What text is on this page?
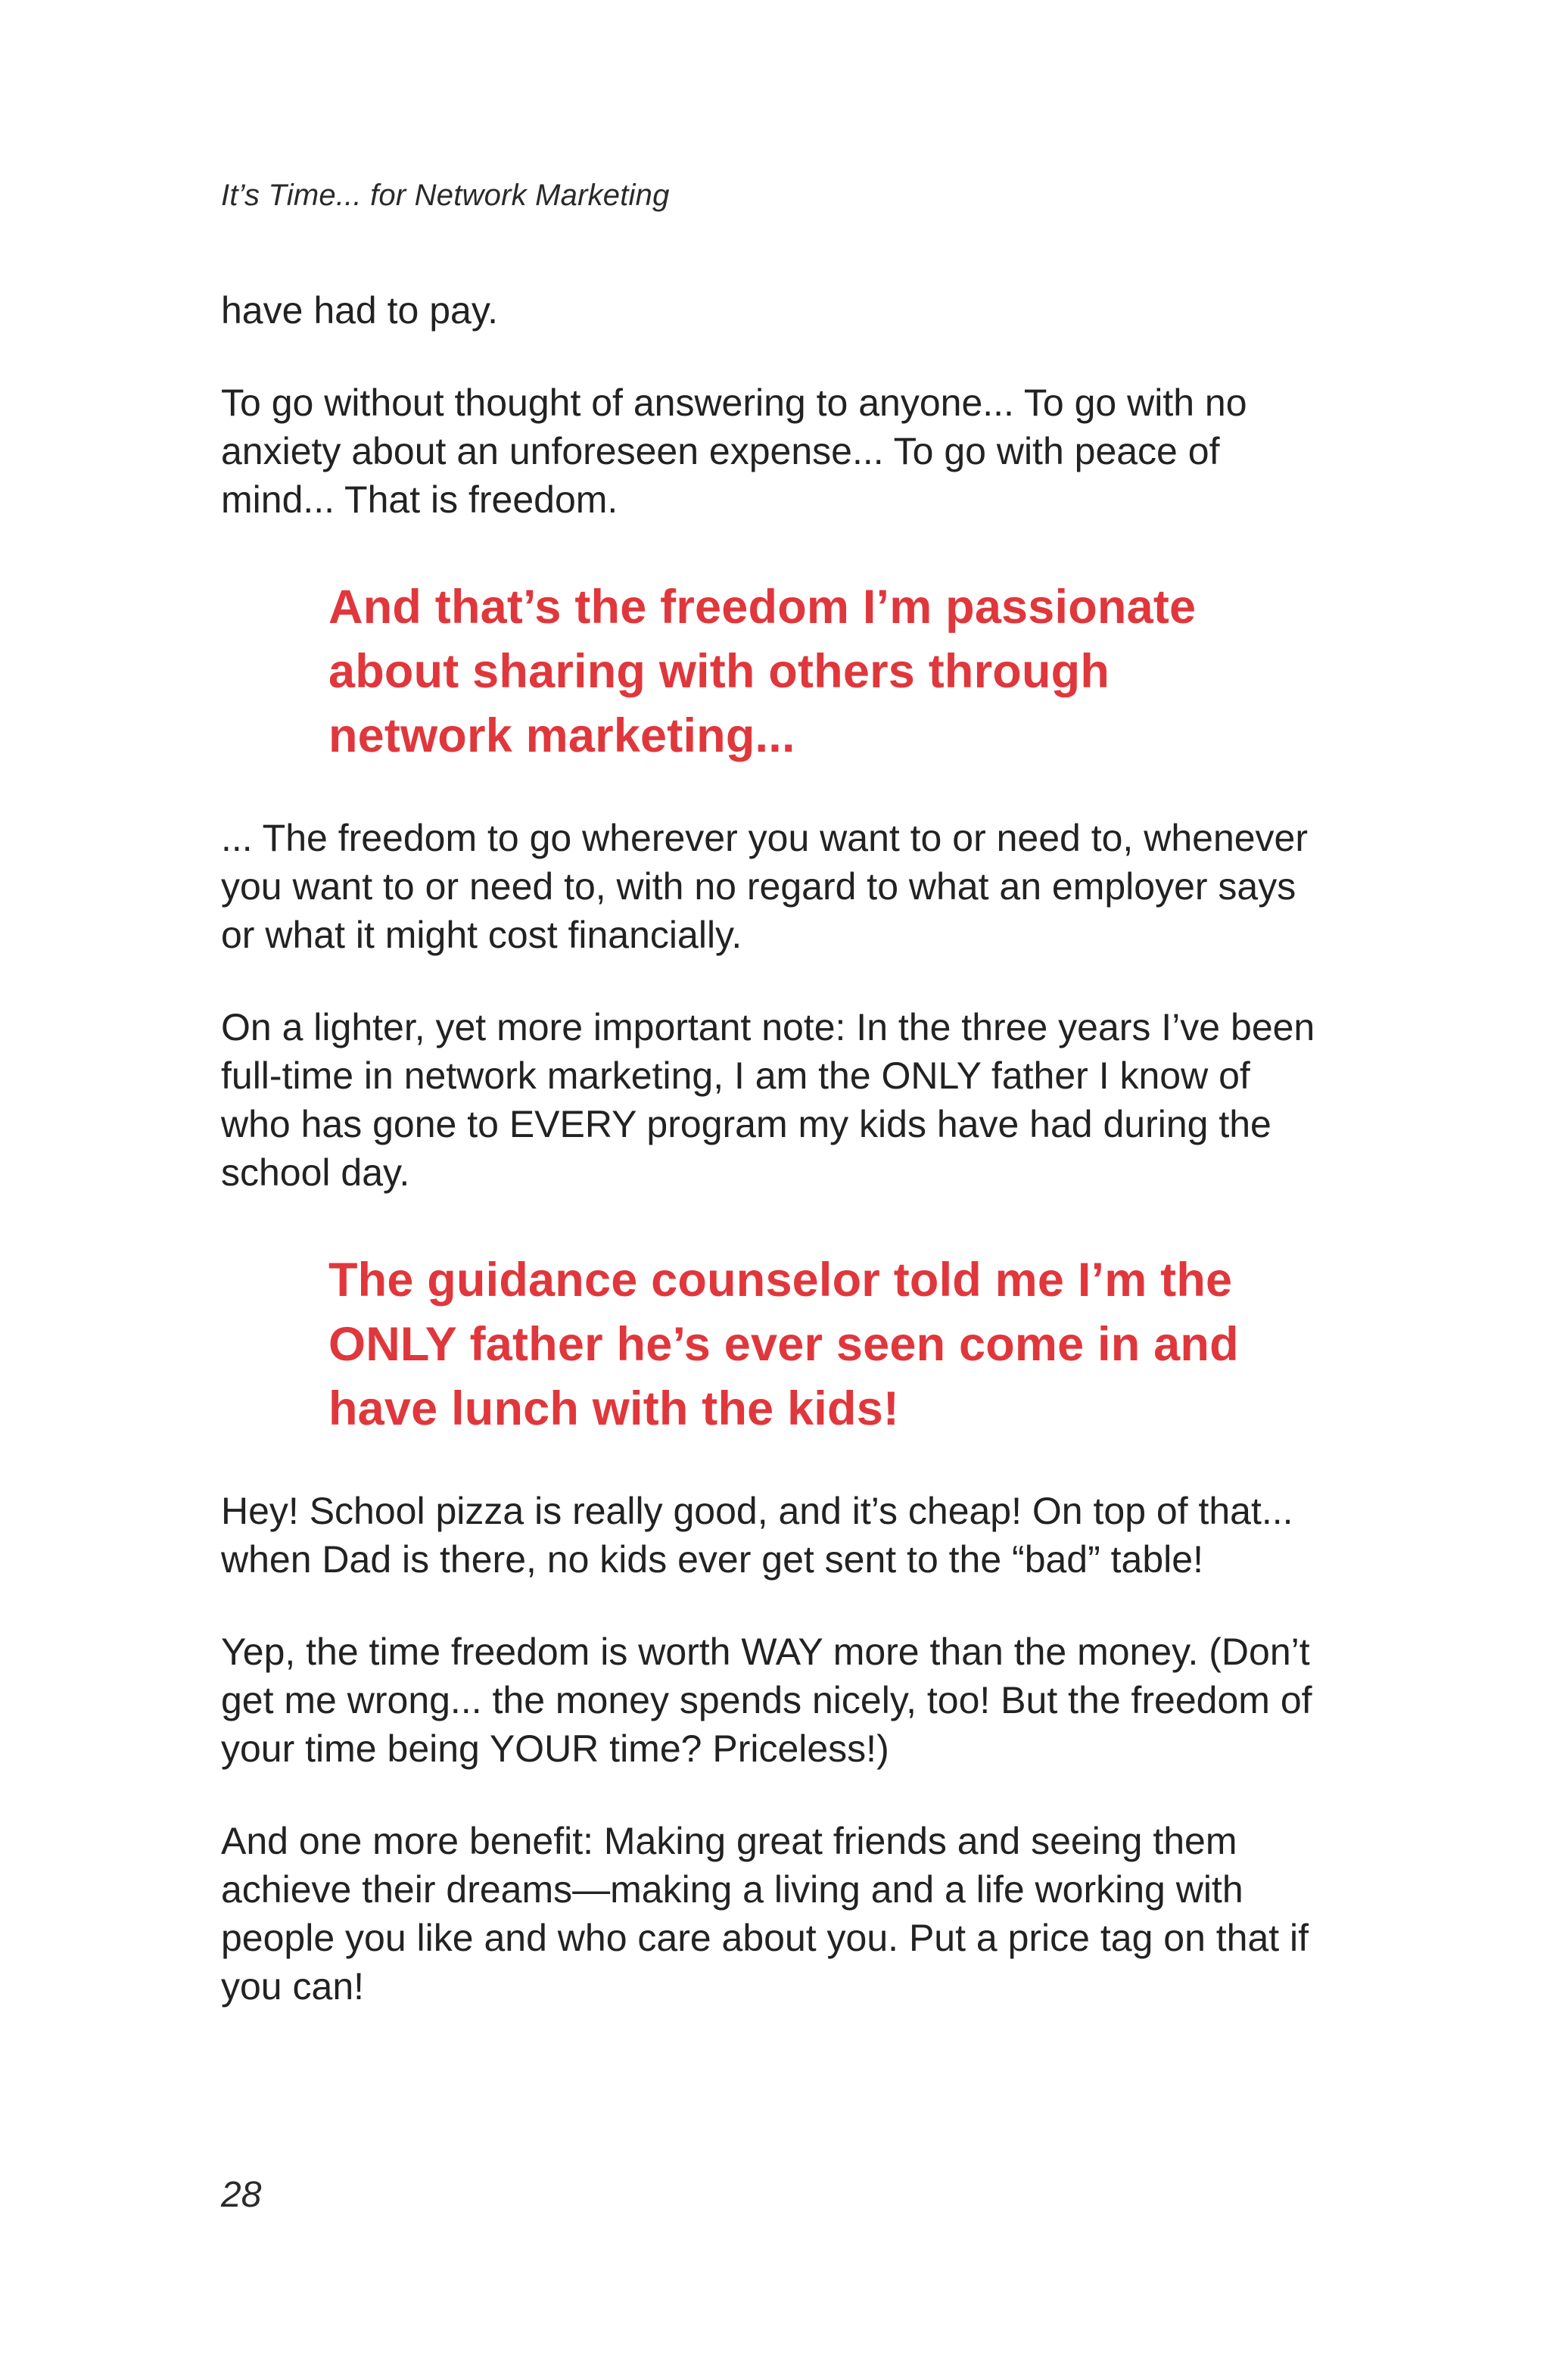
It’s Time... for Network Marketing

have had to pay.

To go without thought of answering to anyone... To go with no anxiety about an unforeseen expense... To go with peace of mind... That is freedom.

And that’s the freedom I’m passionate about sharing with others through network marketing...

... The freedom to go wherever you want to or need to, whenever you want to or need to, with no regard to what an employer says or what it might cost financially.

On a lighter, yet more important note: In the three years I’ve been full-time in network marketing, I am the ONLY father I know of who has gone to EVERY program my kids have had during the school day.

The guidance counselor told me I’m the ONLY father he’s ever seen come in and have lunch with the kids!

Hey! School pizza is really good, and it’s cheap! On top of that... when Dad is there, no kids ever get sent to the “bad” table!

Yep, the time freedom is worth WAY more than the money. (Don’t get me wrong... the money spends nicely, too! But the freedom of your time being YOUR time? Priceless!)

And one more benefit: Making great friends and seeing them achieve their dreams—making a living and a life working with people you like and who care about you. Put a price tag on that if you can!

28
